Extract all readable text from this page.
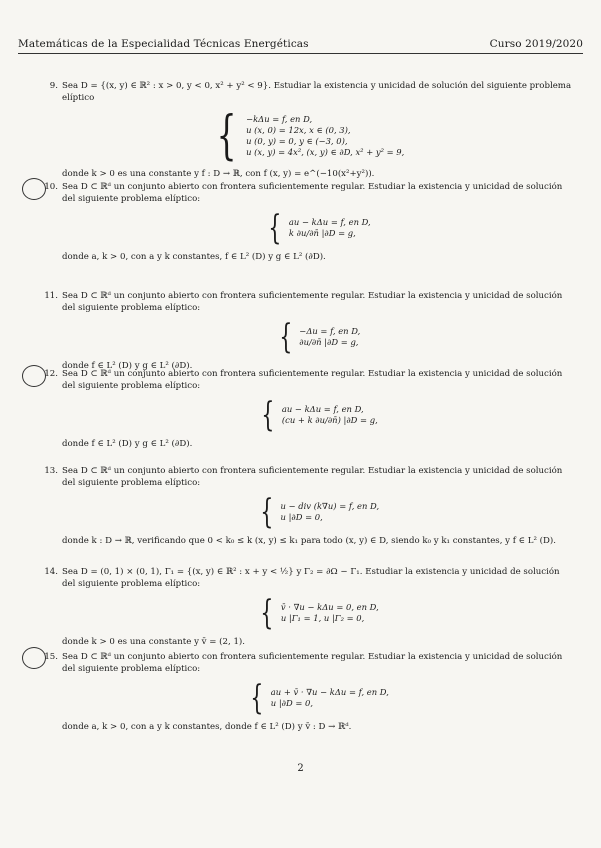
Matemáticas de la Especialidad Técnicas Energéticas	Curso 2019/2020
9. Sea D = {(x, y) ∈ ℝ² : x > 0, y < 0, x² + y² < 9}. Estudiar la existencia y unicidad de solución del siguiente problema elíptico
{ −kΔu = f, en D,
u (x, 0) = 12x, x ∈ (0, 3),
u (0, y) = 0, y ∈ (−3, 0),
u (x, y) = 4x², (x, y) ∈ ∂D, x² + y² = 9,
donde k > 0 es una constante y f : D → ℝ, con f (x, y) = e^(−10(x²+y²)).
10. Sea D ⊂ ℝᵈ un conjunto abierto con frontera suficientemente regular. Estudiar la existencia y unicidad de solución del siguiente problema elíptico:
{ au − kΔu = f, en D,
k ∂u/∂n̄ |∂D = g,
donde a, k > 0, con a y k constantes, f ∈ L² (D) y g ∈ L² (∂D).
11. Sea D ⊂ ℝᵈ un conjunto abierto con frontera suficientemente regular. Estudiar la existencia y unicidad de solución del siguiente problema elíptico:
{ −Δu = f, en D,
∂u/∂n̄ |∂D = g,
donde f ∈ L² (D) y g ∈ L² (∂D).
12. Sea D ⊂ ℝᵈ un conjunto abierto con frontera suficientemente regular. Estudiar la existencia y unicidad de solución del siguiente problema elíptico:
{ au − kΔu = f, en D,
(cu + k ∂u/∂n̄) |∂D = g,
donde f ∈ L² (D) y g ∈ L² (∂D).
13. Sea D ⊂ ℝᵈ un conjunto abierto con frontera suficientemente regular. Estudiar la existencia y unicidad de solución del siguiente problema elíptico:
{ u − div (k∇u) = f, en D,
u |∂D = 0,
donde k : D → ℝ, verificando que 0 < k₀ ≤ k (x, y) ≤ k₁ para todo (x, y) ∈ D, siendo k₀ y k₁ constantes, y f ∈ L² (D).
14. Sea D = (0, 1) × (0, 1), Γ₁ = {(x, y) ∈ ℝ² : x + y < ½} y Γ₂ = ∂Ω − Γ₁. Estudiar la existencia y unicidad de solución del siguiente problema elíptico:
{ v̄ · ∇u − kΔu = 0, en D,
u |Γ₁ = 1, u |Γ₂ = 0,
donde k > 0 es una constante y v̄ = (2, 1).
15. Sea D ⊂ ℝᵈ un conjunto abierto con frontera suficientemente regular. Estudiar la existencia y unicidad de solución del siguiente problema elíptico:
{ au + v̄ · ∇u − kΔu = f, en D,
u |∂D = 0,
donde a, k > 0, con a y k constantes, donde f ∈ L² (D) y v̄ : D → ℝᵈ.
2
